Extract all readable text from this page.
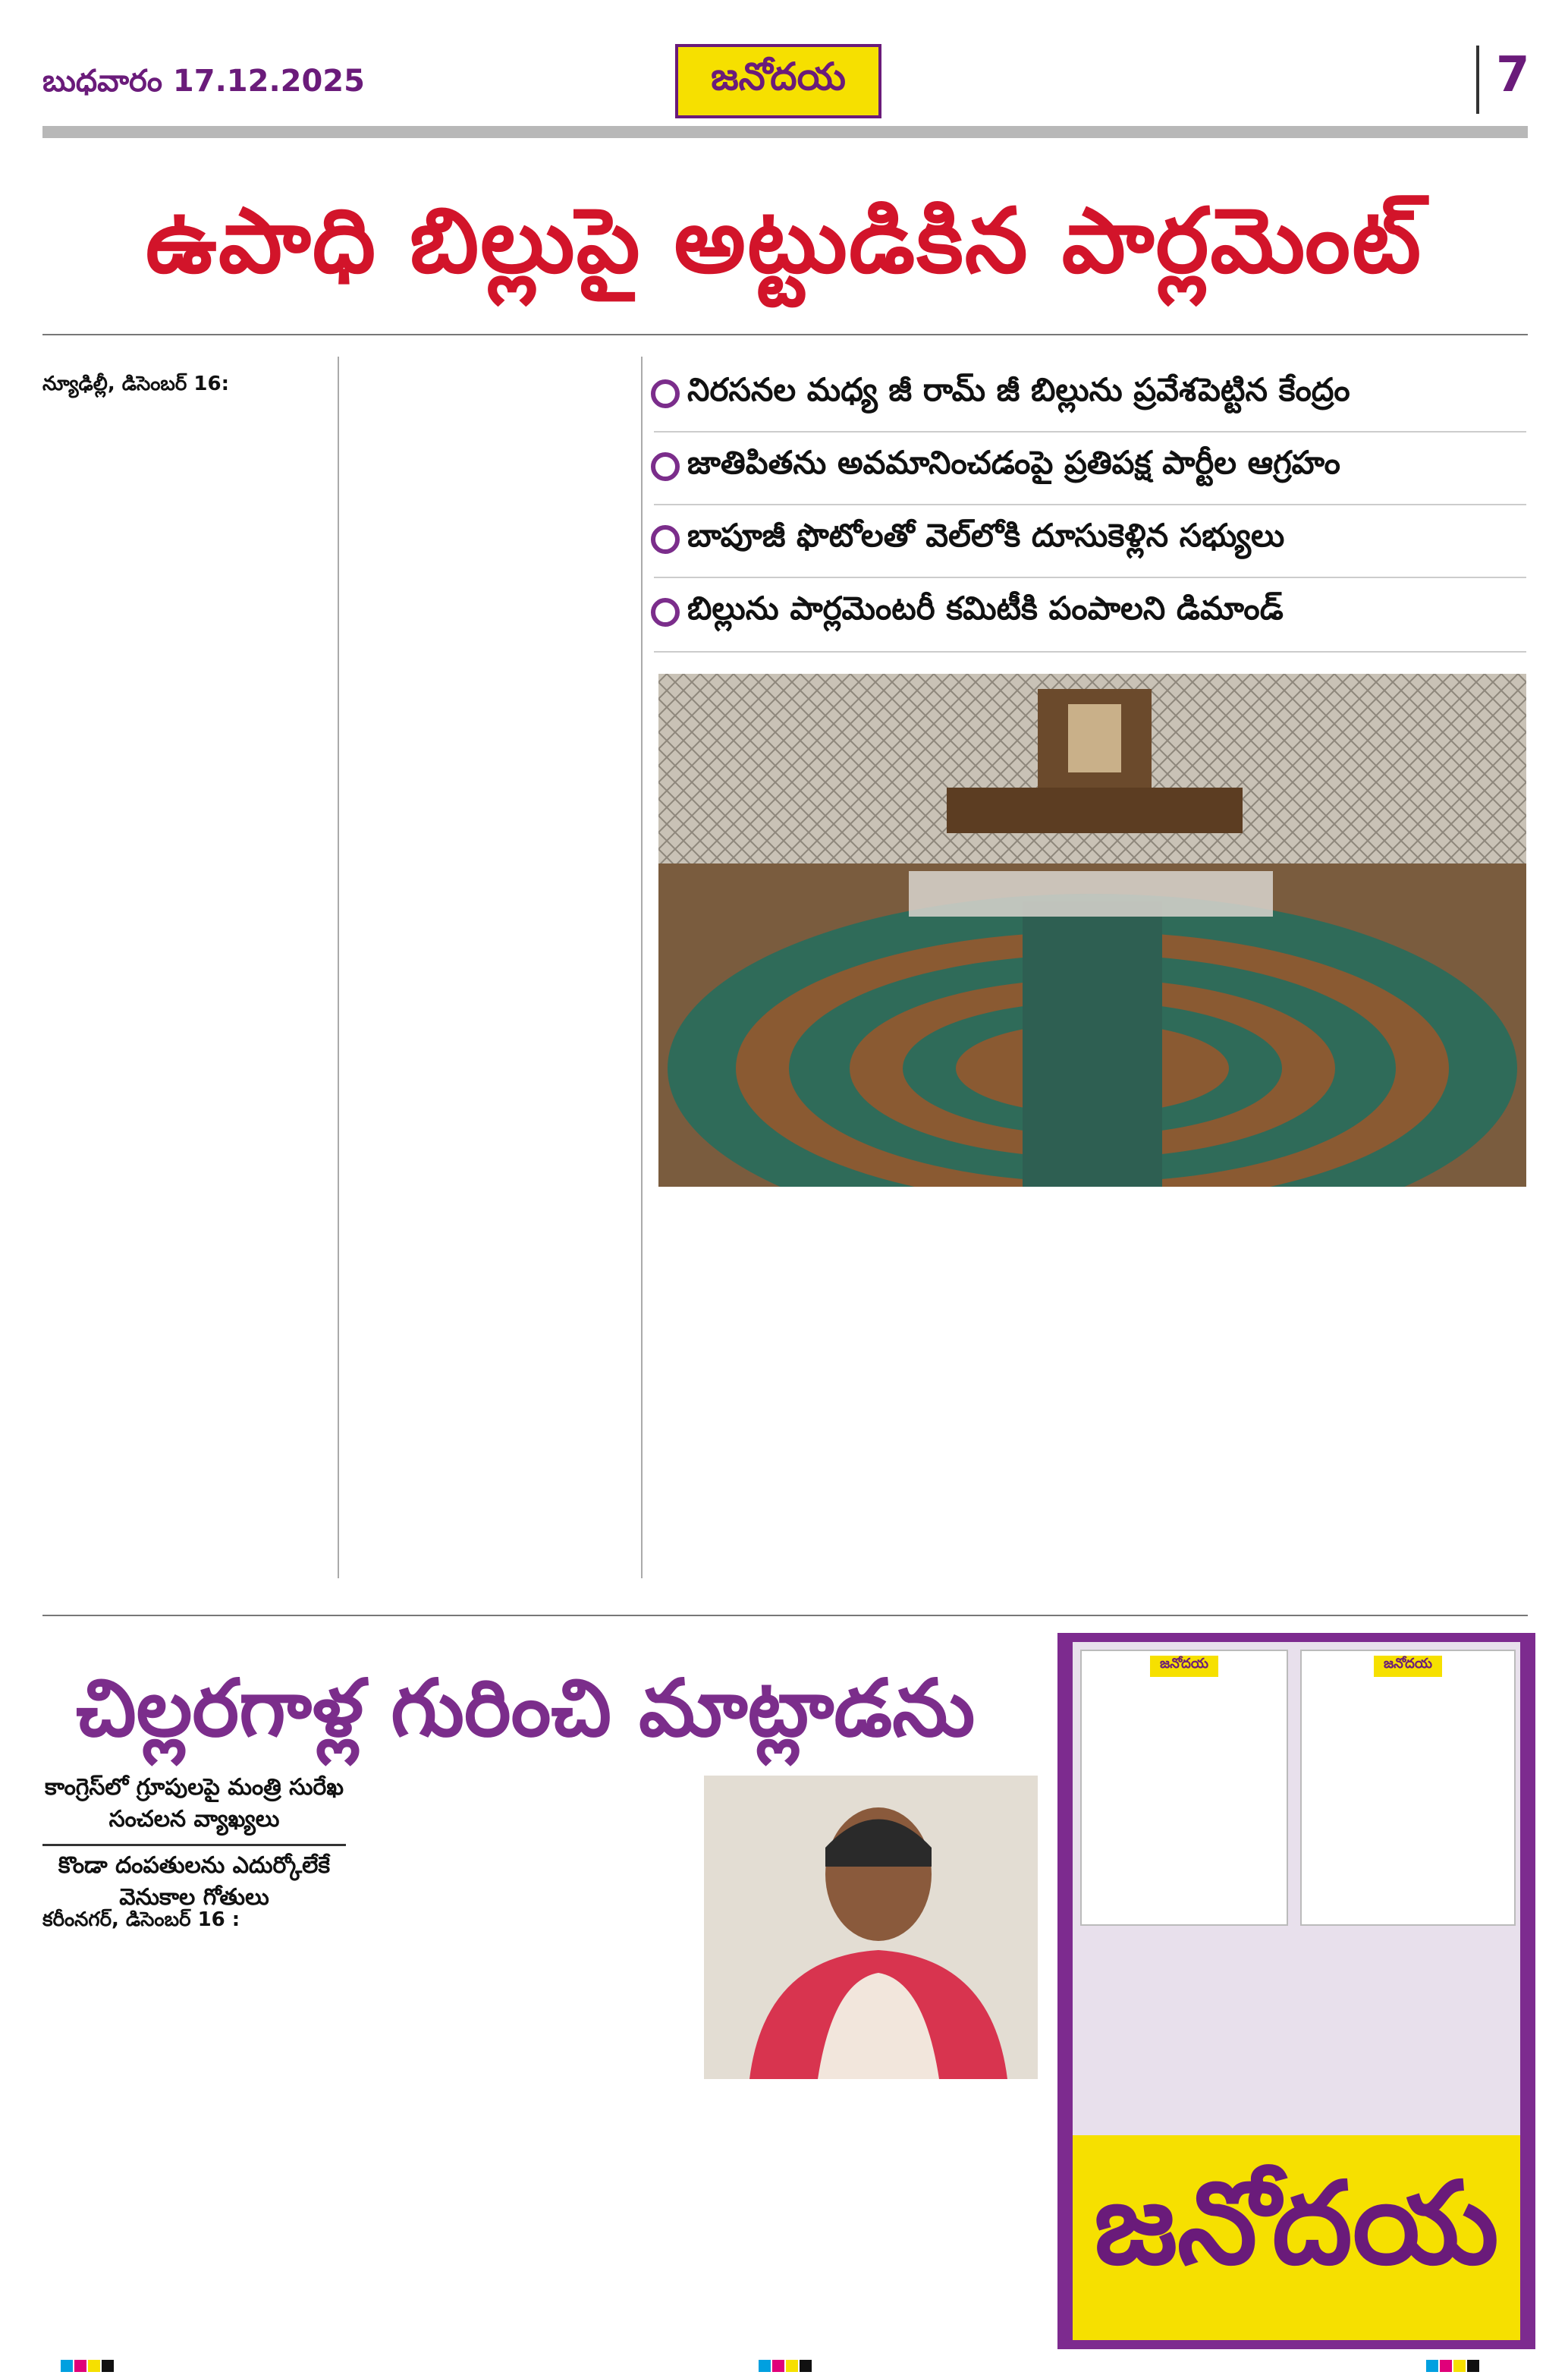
బుధవారం 17.12.2025	జనోదయ	7
ఉపాధి బిల్లుపై అట్టుడికిన పార్లమెంట్
న్యూఢిల్లీ, డిసెంబర్ 16:	నిరసనల మధ్య జీ రామ్ జీ బిల్లును ప్రవేశపెట్టిన కేంద్రం
జాతిపితను అవమానించడంపై ప్రతిపక్ష పార్టీల ఆగ్రహం
బాపూజీ ఫొటోలతో వెల్‌లోకి దూసుకెళ్లిన సభ్యులు
బిల్లును పార్లమెంటరీ కమిటీకి పంపాలని డిమాండ్
చిల్లరగాళ్ల గురించి మాట్లాడను

కాంగ్రెస్‌లో గ్రూపులపై మంత్రి సురేఖ సంచలన వ్యాఖ్యలు

కొండా దంపతులను ఎదుర్కోలేకే వెనుకాల గోతులు

కరీంనగర్, డిసెంబర్ 16 :
జనోదయ	జనోదయ
జనోదయ
